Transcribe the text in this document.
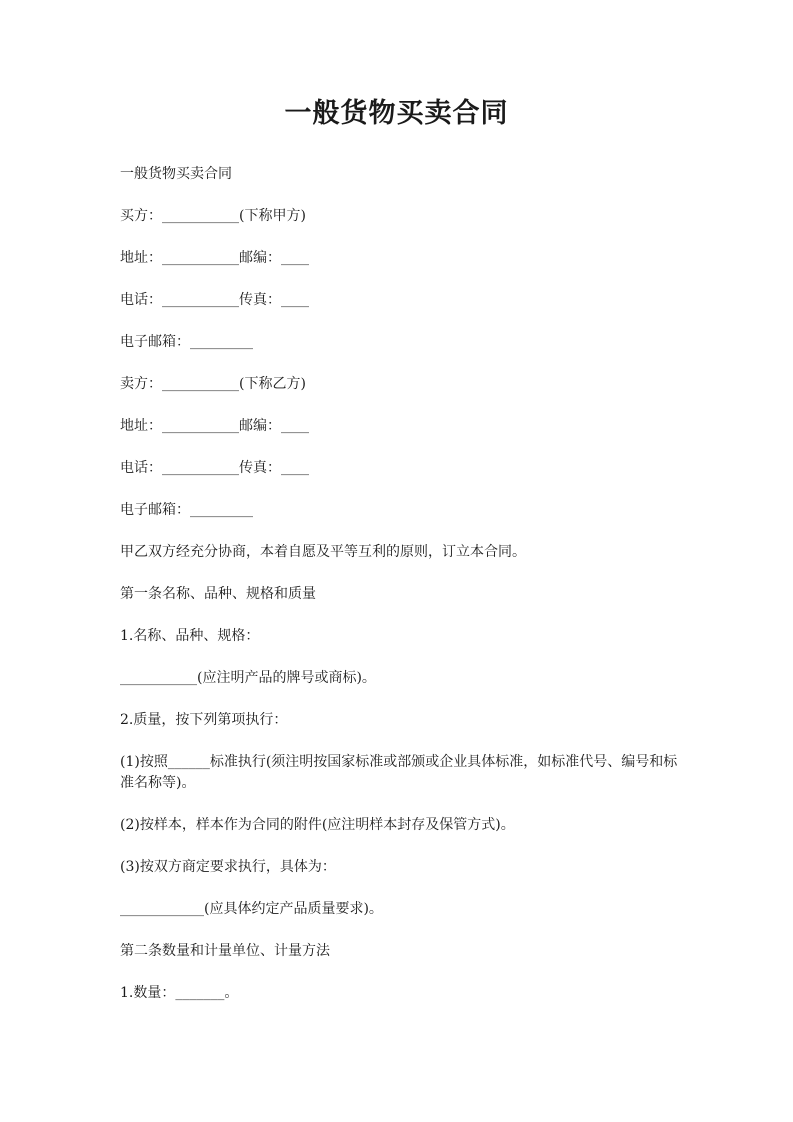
一般货物买卖合同

一般货物买卖合同

买方：___________(下称甲方)

地址：___________邮编：____

电话：___________传真：____

电子邮箱：_________

卖方：___________(下称乙方)

地址：___________邮编：____

电话：___________传真：____

电子邮箱：_________

甲乙双方经充分协商，本着自愿及平等互利的原则，订立本合同。

第一条名称、品种、规格和质量

1.名称、品种、规格：

___________(应注明产品的牌号或商标)。

2.质量，按下列第项执行：

(1)按照______标准执行(须注明按国家标准或部颁或企业具体标准，如标准代号、编号和标准名称等)。

(2)按样本，样本作为合同的附件(应注明样本封存及保管方式)。

(3)按双方商定要求执行，具体为：

____________(应具体约定产品质量要求)。

第二条数量和计量单位、计量方法

1.数量：_______。
